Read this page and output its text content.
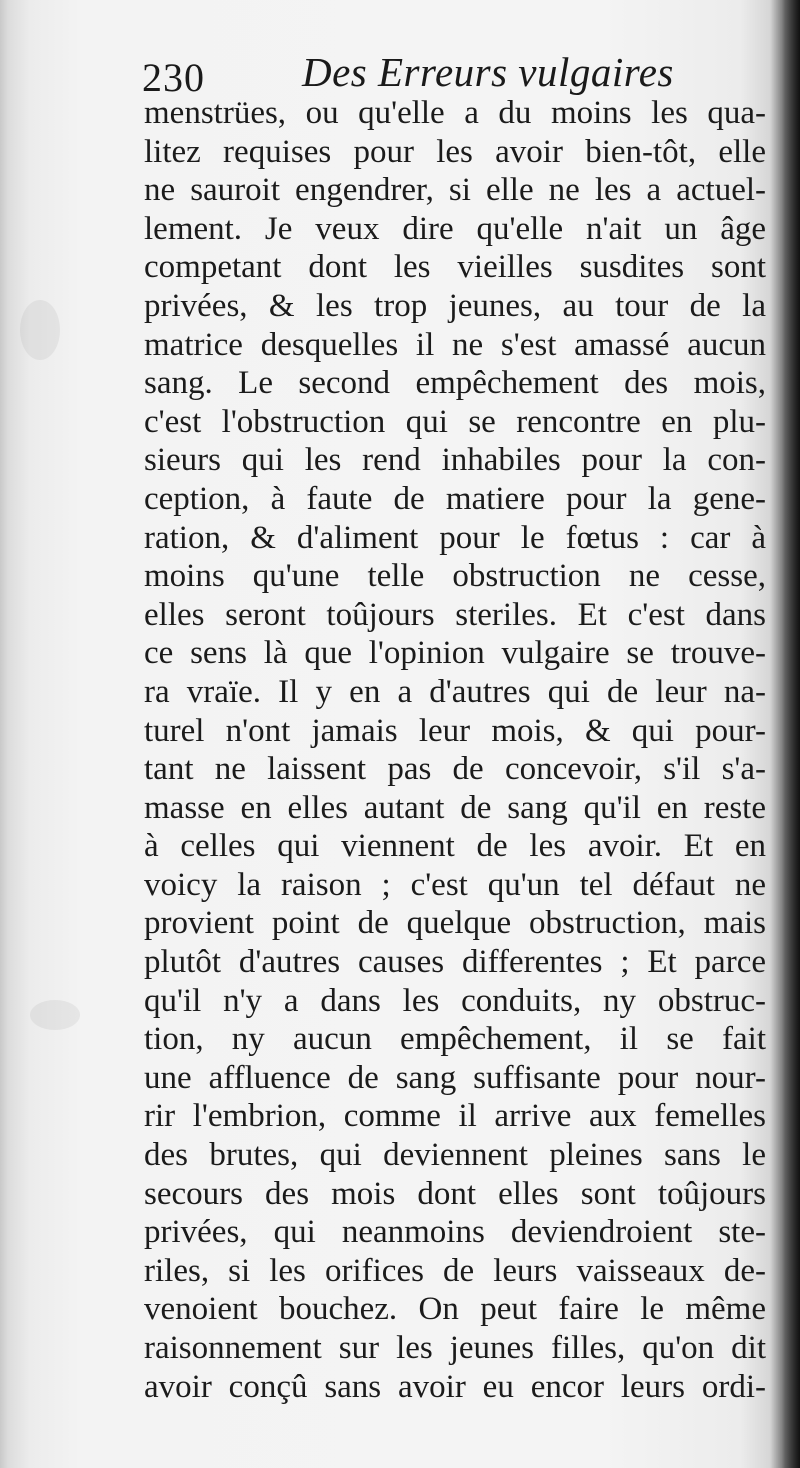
230 Des Erreurs vulgaires
menstrües, ou qu'elle a du moins les qua-
litez requises pour les avoir bien-tôt, elle
ne sauroit engendrer, si elle ne les a actuel-
lement. Je veux dire qu'elle n'ait un âge
competant dont les vieilles susdites sont
privées, & les trop jeunes, au tour de la
matrice desquelles il ne s'est amassé aucun
sang. Le second empêchement des mois,
c'est l'obstruction qui se rencontre en plu-
sieurs qui les rend inhabiles pour la con-
ception, à faute de matiere pour la gene-
ration, & d'aliment pour le fœtus : car à
moins qu'une telle obstruction ne cesse,
elles seront toûjours steriles. Et c'est dans
ce sens là que l'opinion vulgaire se trouve-
ra vraïe. Il y en a d'autres qui de leur na-
turel n'ont jamais leur mois, & qui pour-
tant ne laissent pas de concevoir, s'il s'a-
masse en elles autant de sang qu'il en reste
à celles qui viennent de les avoir. Et en
voicy la raison ; c'est qu'un tel défaut ne
provient point de quelque obstruction, mais
plutôt d'autres causes differentes ; Et parce
qu'il n'y a dans les conduits, ny obstruc-
tion, ny aucun empêchement, il se fait
une affluence de sang suffisante pour nour-
rir l'embrion, comme il arrive aux femelles
des brutes, qui deviennent pleines sans le
secours des mois dont elles sont toûjours
privées, qui neanmoins deviendroient ste-
riles, si les orifices de leurs vaisseaux de-
venoient bouchez. On peut faire le même
raisonnement sur les jeunes filles, qu'on dit
avoir conçû sans avoir eu encor leurs ordi-
